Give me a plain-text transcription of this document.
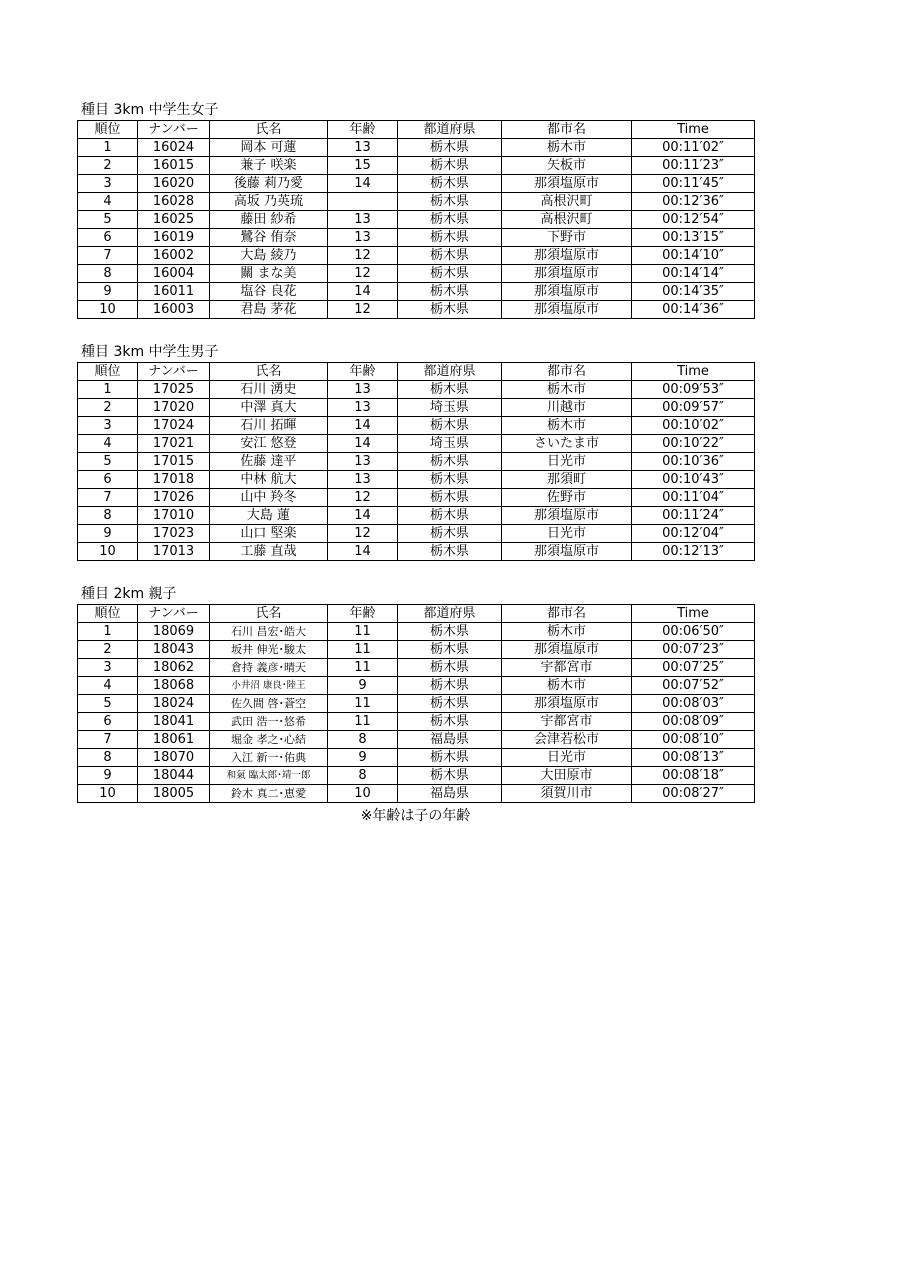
種目 3km 中学生女子
順位	ナンバー	氏名	年齢	都道府県	都市名	Time
1	16024	岡本 可蓮	13	栃木県	栃木市	00:11′02″
2	16015	兼子 咲楽	15	栃木県	矢板市	00:11′23″
3	16020	後藤 莉乃愛	14	栃木県	那須塩原市	00:11′45″
4	16028	高坂 乃英琉		栃木県	高根沢町	00:12′36″
5	16025	藤田 紗希	13	栃木県	高根沢町	00:12′54″
6	16019	鷺谷 侑奈	13	栃木県	下野市	00:13′15″
7	16002	大島 綾乃	12	栃木県	那須塩原市	00:14′10″
8	16004	關 まな美	12	栃木県	那須塩原市	00:14′14″
9	16011	塩谷 良花	14	栃木県	那須塩原市	00:14′35″
10	16003	君島 茅花	12	栃木県	那須塩原市	00:14′36″
種目 3km 中学生男子
順位	ナンバー	氏名	年齢	都道府県	都市名	Time
1	17025	石川 湧史	13	栃木県	栃木市	00:09′53″
2	17020	中澤 真大	13	埼玉県	川越市	00:09′57″
3	17024	石川 拓暉	14	栃木県	栃木市	00:10′02″
4	17021	安江 悠登	14	埼玉県	さいたま市	00:10′22″
5	17015	佐藤 達平	13	栃木県	日光市	00:10′36″
6	17018	中林 航大	13	栃木県	那須町	00:10′43″
7	17026	山中 羚冬	12	栃木県	佐野市	00:11′04″
8	17010	大島 蓮	14	栃木県	那須塩原市	00:11′24″
9	17023	山口 堅楽	12	栃木県	日光市	00:12′04″
10	17013	工藤 直哉	14	栃木県	那須塩原市	00:12′13″
種目 2km 親子
順位	ナンバー	氏名	年齢	都道府県	都市名	Time
1	18069	石川 昌宏･皓大	11	栃木県	栃木市	00:06′50″
2	18043	坂井 伸光･駿太	11	栃木県	那須塩原市	00:07′23″
3	18062	倉持 義彦･晴天	11	栃木県	宇都宮市	00:07′25″
4	18068	小井沼 康良･陸王	9	栃木県	栃木市	00:07′52″
5	18024	佐久間 啓･蒼空	11	栃木県	那須塩原市	00:08′03″
6	18041	武田 浩一･悠希	11	栃木県	宇都宮市	00:08′09″
7	18061	堀金 孝之･心結	8	福島県	会津若松市	00:08′10″
8	18070	入江 新一･佑典	9	栃木県	日光市	00:08′13″
9	18044	和氣 臨太郎･靖一郎	8	栃木県	大田原市	00:08′18″
10	18005	鈴木 真二･恵愛	10	福島県	須賀川市	00:08′27″
※年齢は子の年齢
